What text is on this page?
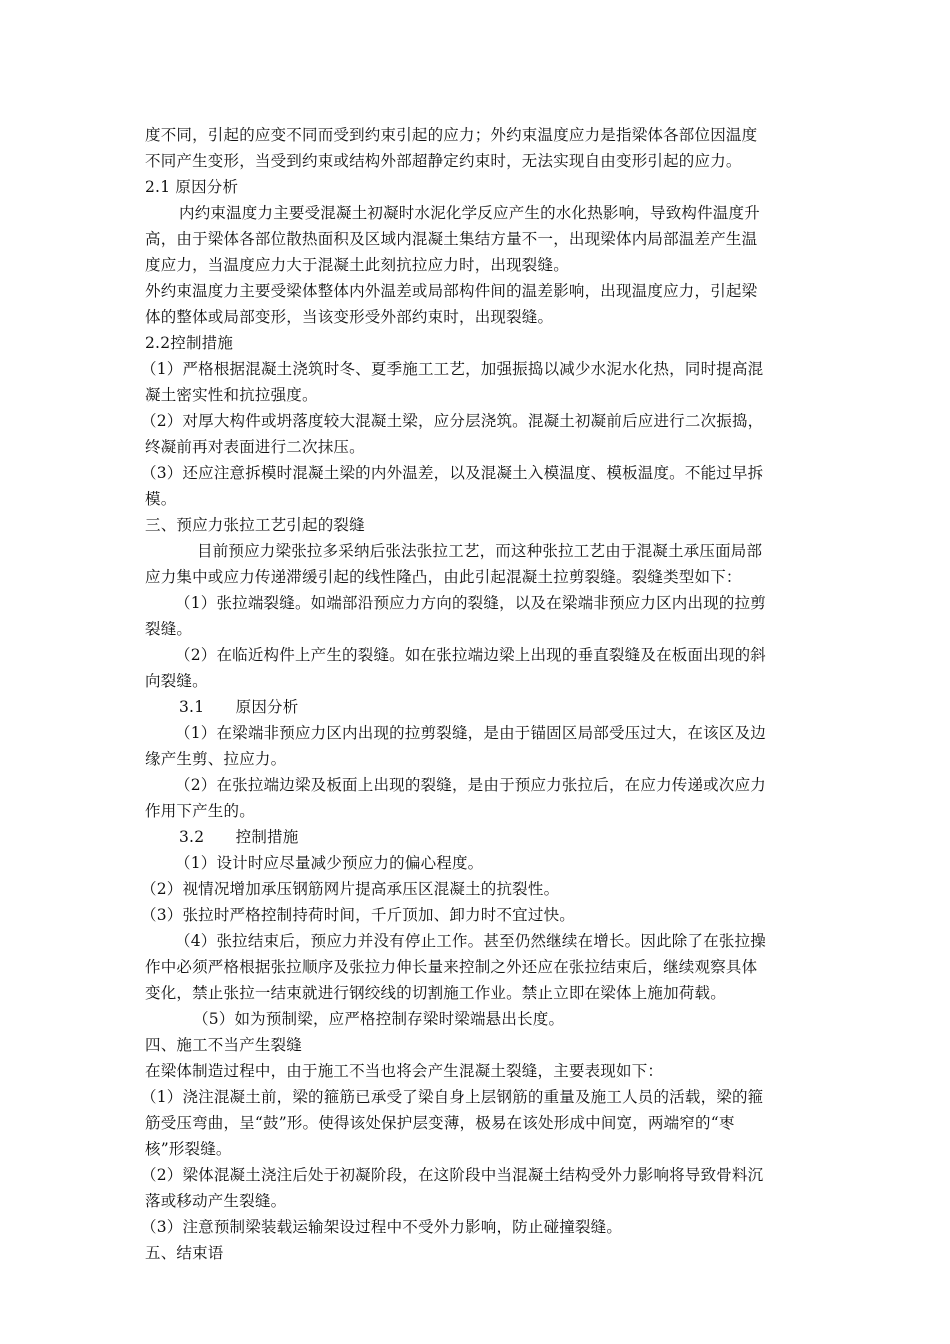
度不同，引起的应变不同而受到约束引起的应力；外约束温度应力是指梁体各部位因温度
不同产生变形，当受到约束或结构外部超静定约束时，无法实现自由变形引起的应力。
2.1 原因分析
内约束温度力主要受混凝土初凝时水泥化学反应产生的水化热影响，导致构件温度升
高，由于梁体各部位散热面积及区域内混凝土集结方量不一，出现梁体内局部温差产生温
度应力，当温度应力大于混凝土此刻抗拉应力时，出现裂缝。
外约束温度力主要受梁体整体内外温差或局部构件间的温差影响，出现温度应力，引起梁
体的整体或局部变形，当该变形受外部约束时，出现裂缝。
2.2控制措施
（1）严格根据混凝土浇筑时冬、夏季施工工艺，加强振捣以减少水泥水化热，同时提高混
凝土密实性和抗拉强度。
（2）对厚大构件或坍落度较大混凝土梁，应分层浇筑。混凝土初凝前后应进行二次振捣，
终凝前再对表面进行二次抹压。
（3）还应注意拆模时混凝土梁的内外温差，以及混凝土入模温度、模板温度。不能过早拆
模。
三、预应力张拉工艺引起的裂缝
目前预应力梁张拉多采纳后张法张拉工艺，而这种张拉工艺由于混凝土承压面局部
应力集中或应力传递滞缓引起的线性隆凸，由此引起混凝土拉剪裂缝。裂缝类型如下：
（1）张拉端裂缝。如端部沿预应力方向的裂缝，以及在梁端非预应力区内出现的拉剪
裂缝。
（2）在临近构件上产生的裂缝。如在张拉端边梁上出现的垂直裂缝及在板面出现的斜
向裂缝。
3.1　　原因分析
（1）在梁端非预应力区内出现的拉剪裂缝，是由于锚固区局部受压过大，在该区及边
缘产生剪、拉应力。
（2）在张拉端边梁及板面上出现的裂缝，是由于预应力张拉后，在应力传递或次应力
作用下产生的。
3.2　　控制措施
（1）设计时应尽量减少预应力的偏心程度。
（2）视情况增加承压钢筋网片提高承压区混凝土的抗裂性。
（3）张拉时严格控制持荷时间，千斤顶加、卸力时不宜过快。
（4）张拉结束后，预应力并没有停止工作。甚至仍然继续在增长。因此除了在张拉操
作中必须严格根据张拉顺序及张拉力伸长量来控制之外还应在张拉结束后，继续观察具体
变化，禁止张拉一结束就进行钢绞线的切割施工作业。禁止立即在梁体上施加荷载。
（5）如为预制梁，应严格控制存梁时梁端悬出长度。
四、施工不当产生裂缝
在梁体制造过程中，由于施工不当也将会产生混凝土裂缝，主要表现如下：
（1）浇注混凝土前，梁的箍筋已承受了梁自身上层钢筋的重量及施工人员的活载，梁的箍
筋受压弯曲，呈“鼓”形。使得该处保护层变薄，极易在该处形成中间宽，两端窄的“枣
核”形裂缝。
（2）梁体混凝土浇注后处于初凝阶段，在这阶段中当混凝土结构受外力影响将导致骨料沉
落或移动产生裂缝。
（3）注意预制梁装载运输架设过程中不受外力影响，防止碰撞裂缝。
五、结束语
